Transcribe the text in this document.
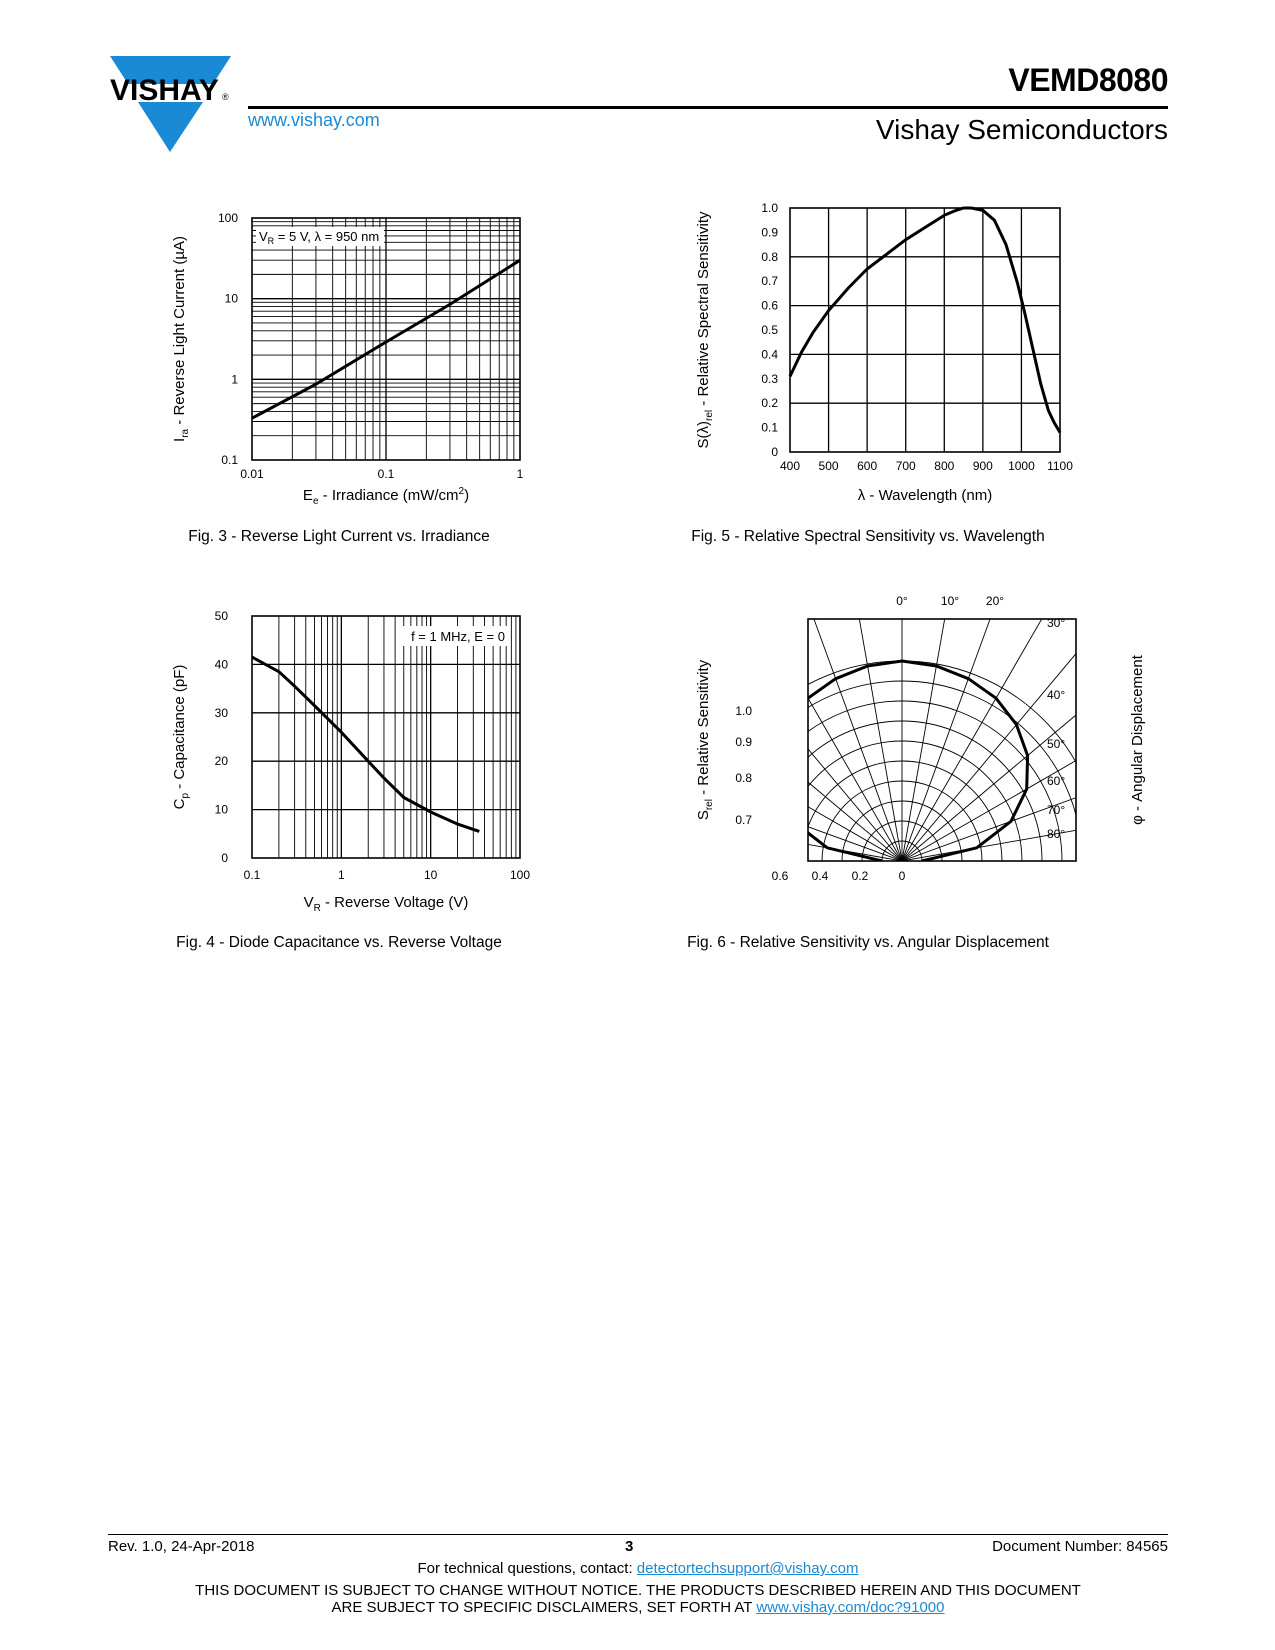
VISHAY ®
www.vishay.com
VEMD8080
Vishay Semiconductors
0.01	0.1	1
0.1
1
10
100
$V_R = 5$ V, λ = 950 nm
$I_{ra}$ - Reverse Light Current (µA)
$E_e$ - Irradiance $(mW/cm^2)$
Fig. 3 - Reverse Light Current vs. Irradiance
400 500 600 700 800 900 1000 1100
0
0.1
0.2
0.3
0.4
0.5
0.6
0.7
0.8
0.9
1.0
$S(\lambda)_{rel}$ - Relative Spectral Sensitivity
λ - Wavelength (nm)
Fig. 5 - Relative Spectral Sensitivity vs. Wavelength
0.1	1	10	100
0
10
20
30
40
50
f = 1 MHz, E = 0
$C_p$ - Capacitance (pF)
$V_R$ - Reverse Voltage (V)
Fig. 4 - Diode Capacitance vs. Reverse Voltage
0°	10° 20°
30°
40°
50°
60°
70°
80°
1.0
0.9
0.8
0.7
0.6 0.4 0.2	0
$S_{rel}$ - Relative Sensitivity	φ - Angular Displacement
Fig. 6 - Relative Sensitivity vs. Angular Displacement
Rev. 1.0, 24-Apr-2018	3	Document Number: 84565
For technical questions, contact: detectortechsupport@vishay.com
THIS DOCUMENT IS SUBJECT TO CHANGE WITHOUT NOTICE. THE PRODUCTS DESCRIBED HEREIN AND THIS DOCUMENT
ARE SUBJECT TO SPECIFIC DISCLAIMERS, SET FORTH AT www.vishay.com/doc?91000
